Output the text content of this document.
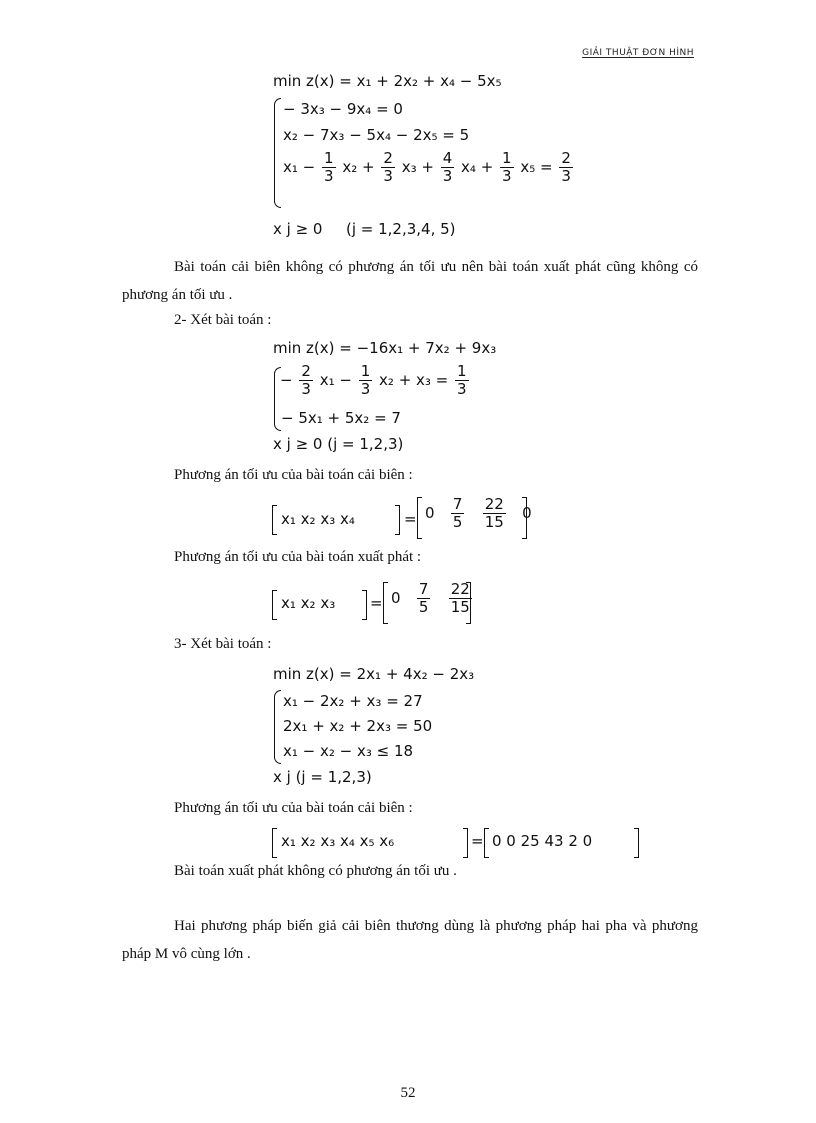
GIẢI THUẬT ĐƠN HÌNH
min z(x) = x₁ + 2x₂ + x₄ − 5x₅
− 3x₃ − 9x₄ = 0
x₂ − 7x₃ − 5x₄ − 2x₅ = 5
$x_1 - \frac{1}{3} x_2 + \frac{2}{3} x_3 + \frac{4}{3} x_4 + \frac{1}{3} x_5 = \frac{2}{3}$
x j ≥ 0 (j = 1,2,3,4, 5)
Bài toán cải biên không có phương án tối ưu nên bài toán xuất phát cũng không có phương án tối ưu .
2- Xét bài toán :
min z(x) = −16x₁ + 7x₂ + 9x₃
− $\frac{2}{3} x_1 - \frac{1}{3} x_2 + x_3 = \frac{1}{3}$
− 5x₁ + 5x₂ = 7
x j ≥ 0 (j = 1,2,3)
Phương án tối ưu của bài toán cải biên :
x₁ x₂ x₃ x₄	= $0 \frac{7}{5}$
$\frac{22}{15} 0$
Phương án tối ưu của bài toán xuất phát :
x₁ x₂ $x_3 = 0 \frac{7}{5}$
$\frac{22}{15}$
3- Xét bài toán :
min z(x) = 2x₁ + 4x₂ − 2x₃
x₁ − 2x₂ + x₃ = 27
2x₁ + x₂ + 2x₃ = 50
x₁ − x₂ − x₃ ≤ 18
x j (j = 1,2,3)
Phương án tối ưu của bài toán cải biên :
x₁ x₂ x₃ x₄ x₅ x₆	= 0 0 25 43 2 0
Bài toán xuất phát không có phương án tối ưu .
Hai phương pháp biến giả cải biên thương dùng là phương pháp hai pha và phương pháp M vô cùng lớn .
52
